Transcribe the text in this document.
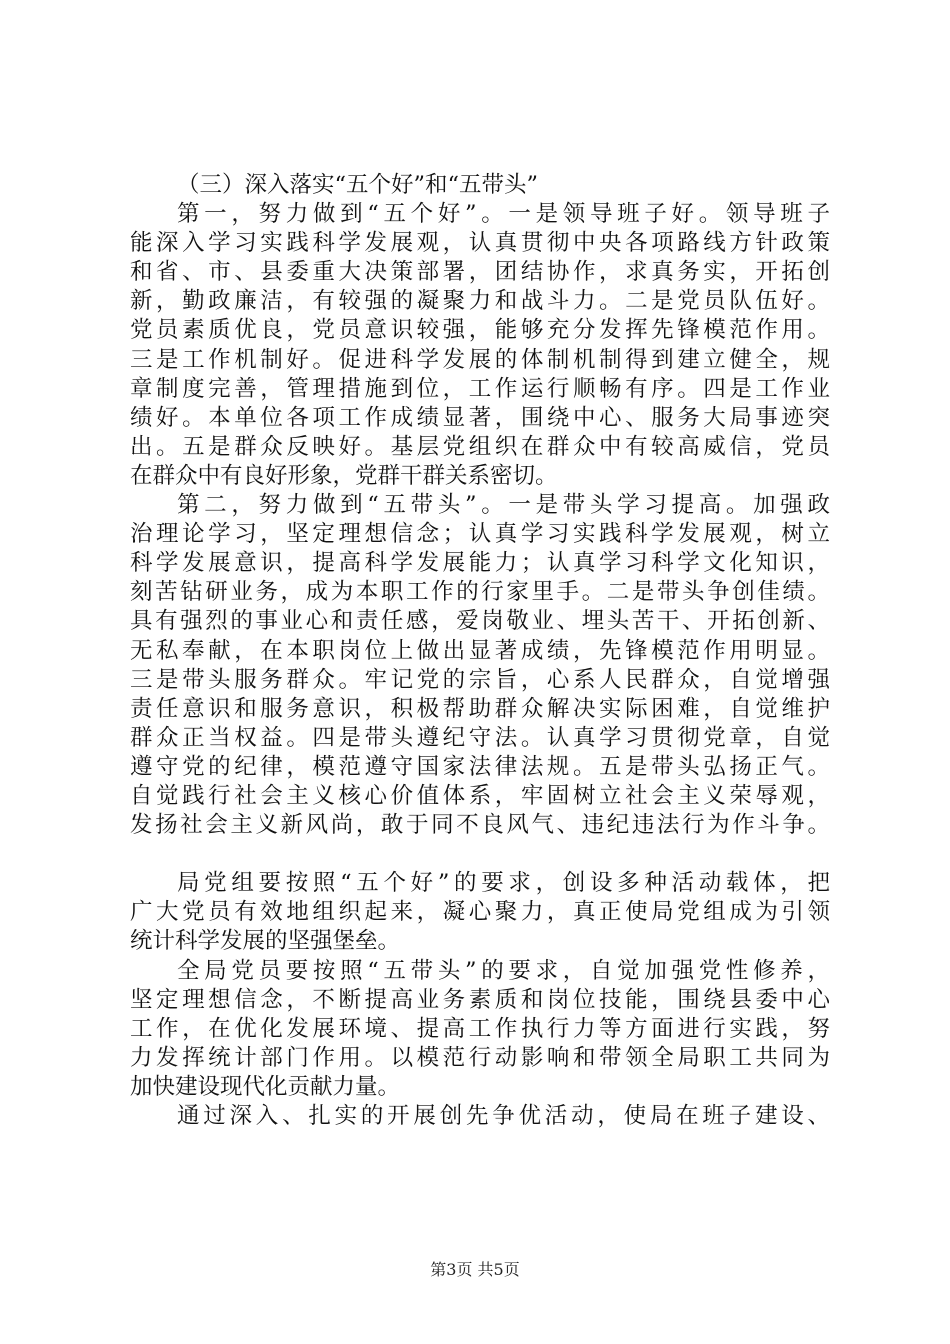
（三）深入落实“五个好”和“五带头”
第一，努力做到“五个好”。一是领导班子好。领导班子
能深入学习实践科学发展观，认真贯彻中央各项路线方针政策
和省、市、县委重大决策部署，团结协作，求真务实，开拓创
新，勤政廉洁，有较强的凝聚力和战斗力。二是党员队伍好。
党员素质优良，党员意识较强，能够充分发挥先锋模范作用。
三是工作机制好。促进科学发展的体制机制得到建立健全，规
章制度完善，管理措施到位，工作运行顺畅有序。四是工作业
绩好。本单位各项工作成绩显著，围绕中心、服务大局事迹突
出。五是群众反映好。基层党组织在群众中有较高威信，党员
在群众中有良好形象，党群干群关系密切。
第二，努力做到“五带头”。一是带头学习提高。加强政
治理论学习，坚定理想信念；认真学习实践科学发展观，树立
科学发展意识，提高科学发展能力；认真学习科学文化知识，
刻苦钻研业务，成为本职工作的行家里手。二是带头争创佳绩。
具有强烈的事业心和责任感，爱岗敬业、埋头苦干、开拓创新、
无私奉献，在本职岗位上做出显著成绩，先锋模范作用明显。
三是带头服务群众。牢记党的宗旨，心系人民群众，自觉增强
责任意识和服务意识，积极帮助群众解决实际困难，自觉维护
群众正当权益。四是带头遵纪守法。认真学习贯彻党章，自觉
遵守党的纪律，模范遵守国家法律法规。五是带头弘扬正气。
自觉践行社会主义核心价值体系，牢固树立社会主义荣辱观，
发扬社会主义新风尚，敢于同不良风气、违纪违法行为作斗争。
局党组要按照“五个好”的要求，创设多种活动载体，把
广大党员有效地组织起来，凝心聚力，真正使局党组成为引领
统计科学发展的坚强堡垒。
全局党员要按照“五带头”的要求，自觉加强党性修养，
坚定理想信念，不断提高业务素质和岗位技能，围绕县委中心
工作，在优化发展环境、提高工作执行力等方面进行实践，努
力发挥统计部门作用。以模范行动影响和带领全局职工共同为
加快建设现代化贡献力量。
通过深入、扎实的开展创先争优活动，使局在班子建设、
第3页 共5页
